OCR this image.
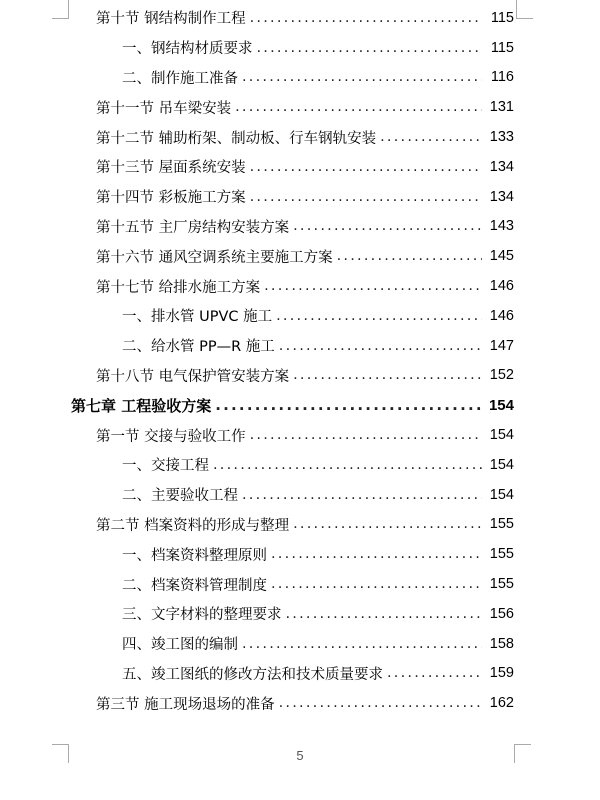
第十节 钢结构制作工程 .....	115
一、钢结构材质要求 .....	115
二、制作施工准备 .....	116
第十一节 吊车梁安装 .....	131
第十二节 辅助桁架、制动板、行车钢轨安装 .....	133
第十三节 屋面系统安装 .....	134
第十四节 彩板施工方案 .....	134
第十五节 主厂房结构安装方案 .....	143
第十六节 通风空调系统主要施工方案 .....	145
第十七节 给排水施工方案 .....	146
一、排水管 UPVC 施工 .....	146
二、给水管 PP—R 施工 .....	147
第十八节 电气保护管安装方案 .....	152
第七章 工程验收方案 .....	154
第一节 交接与验收工作 .....	154
一、交接工程 .....	154
二、主要验收工程 .....	154
第二节 档案资料的形成与整理 .....	155
一、档案资料整理原则 .....	155
二、档案资料管理制度 .....	155
三、文字材料的整理要求 .....	156
四、竣工图的编制 .....	158
五、竣工图纸的修改方法和技术质量要求 .....	159
第三节 施工现场退场的准备 .....	162
5
